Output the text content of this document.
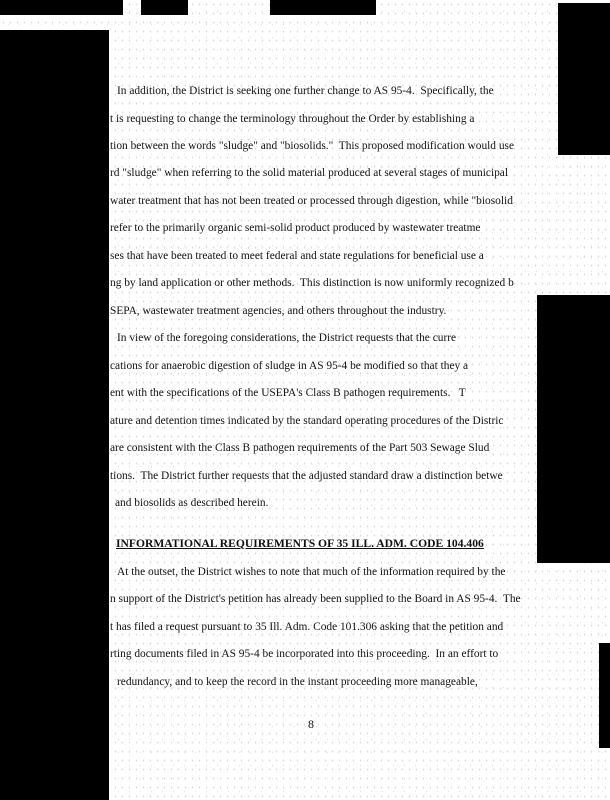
In addition, the District is seeking one further change to AS 95-4.  Specifically, the
t is requesting to change the terminology throughout the Order by establishing a
tion between the words "sludge" and "biosolids."  This proposed modification would use
rd "sludge" when referring to the solid material produced at several stages of municipal
water treatment that has not been treated or processed through digestion, while "biosolid
refer to the primarily organic semi-solid product produced by wastewater treatme
ses that have been treated to meet federal and state regulations for beneficial use a
ng by land application or other methods.  This distinction is now uniformly recognized b
SEPA, wastewater treatment agencies, and others throughout the industry.
In view of the foregoing considerations, the District requests that the curre
cations for anaerobic digestion of sludge in AS 95-4 be modified so that they a
ent with the specifications of the USEPA's Class B pathogen requirements.   T
ature and detention times indicated by the standard operating procedures of the Distric
are consistent with the Class B pathogen requirements of the Part 503 Sewage Slud
tions.  The District further requests that the adjusted standard draw a distinction betwe
and biosolids as described herein.
INFORMATIONAL REQUIREMENTS OF 35 ILL. ADM. CODE 104.406
At the outset, the District wishes to note that much of the information required by the
n support of the District's petition has already been supplied to the Board in AS 95-4.  The
t has filed a request pursuant to 35 Ill. Adm. Code 101.306 asking that the petition and
rting documents filed in AS 95-4 be incorporated into this proceeding.  In an effort to
redundancy, and to keep the record in the instant proceeding more manageable,
8
